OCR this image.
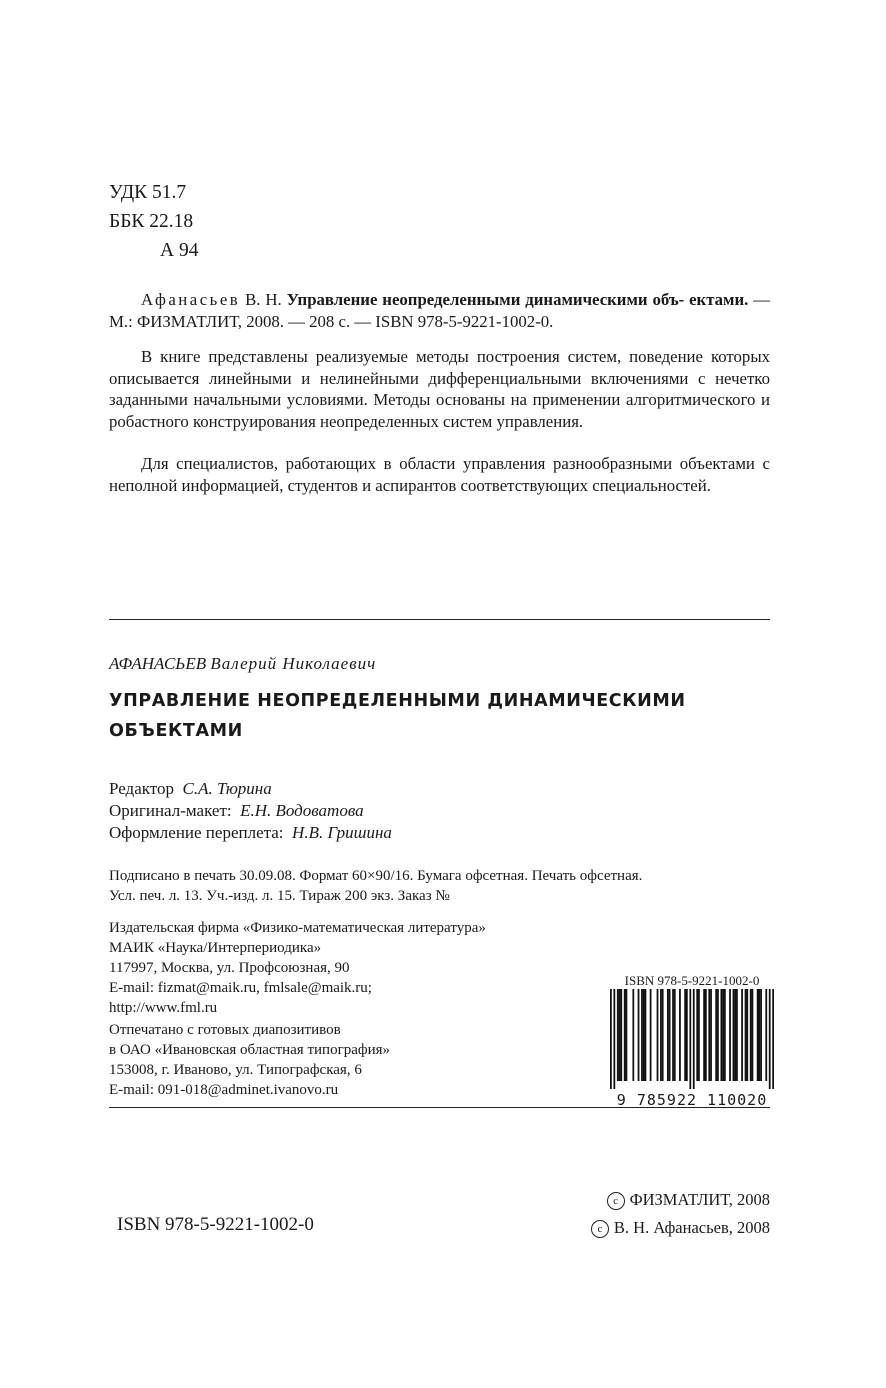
УДК 51.7
ББК 22.18
А 94
Афанасьев В. Н. Управление неопределенными динамическими объ- ектами. — М.: ФИЗМАТЛИТ, 2008. — 208 с. — ISBN 978-5-9221-1002-0.
В книге представлены реализуемые методы построения систем, поведение которых описывается линейными и нелинейными дифференциальными включениями с нечетко заданными начальными условиями. Методы основаны на применении алгоритмического и робастного конструирования неопределенных систем управления.
Для специалистов, работающих в области управления разнообразными объектами с неполной информацией, студентов и аспирантов соответствующих специальностей.
АФАНАСЬЕВ Валерий Николаевич
УПРАВЛЕНИЕ НЕОПРЕДЕЛЕННЫМИ ДИНАМИЧЕСКИМИ
ОБЪЕКТАМИ
Редактор С.А. Тюрина
Оригинал-макет: Е.Н. Водоватова
Оформление переплета: Н.В. Гришина
Подписано в печать 30.09.08. Формат 60×90/16. Бумага офсетная. Печать офсетная.
Усл. печ. л. 13. Уч.-изд. л. 15. Тираж 200 экз. Заказ №
Издательская фирма «Физико-математическая литература»
МАИК «Наука/Интерпериодика»
117997, Москва, ул. Профсоюзная, 90
E-mail: fizmat@maik.ru, fmlsale@maik.ru;
http://www.fml.ru
Отпечатано с готовых диапозитивов
в ОАО «Ивановская областная типография»
153008, г. Иваново, ул. Типографская, 6
E-mail: 091-018@adminet.ivanovo.ru
ISBN 978-5-9221-1002-0
9 785922 110020
ISBN 978-5-9221-1002-0
c ФИЗМАТЛИТ, 2008
c В. Н. Афанасьев, 2008
